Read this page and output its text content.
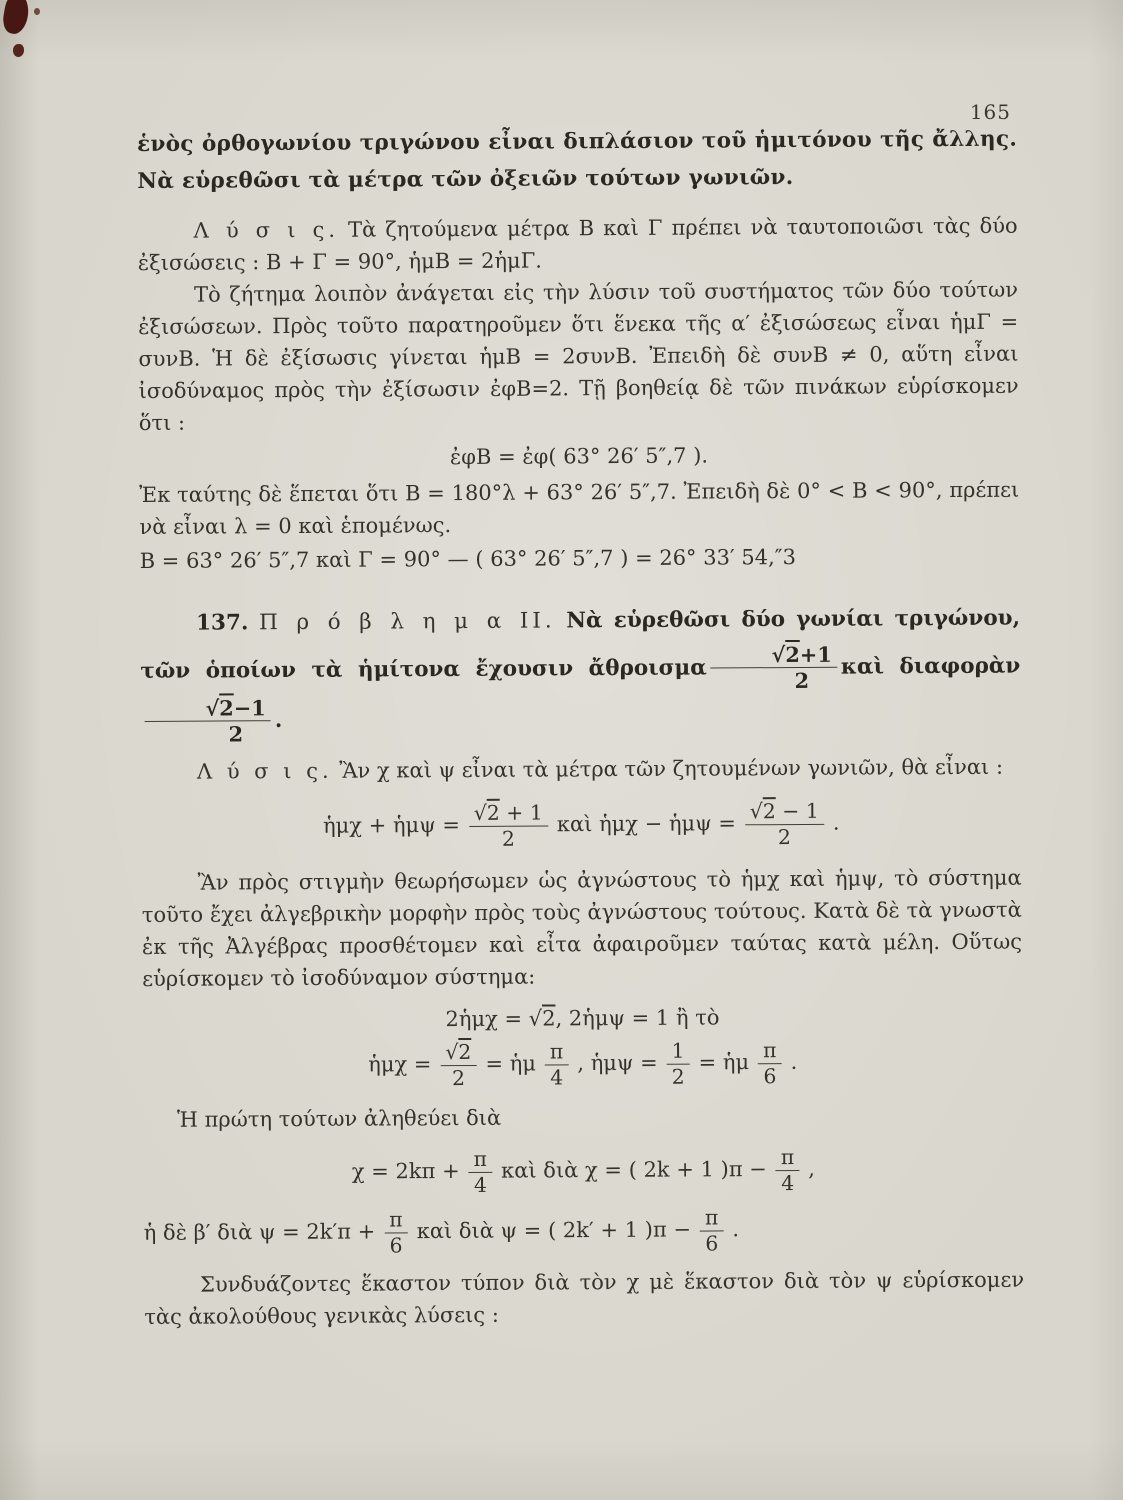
165

ἑνὸς ὀρθογωνίου τριγώνου εἶναι διπλάσιον τοῦ ἡμιτόνου τῆς ἄλλης. Νὰ εὑρεθῶσι τὰ μέτρα τῶν ὀξειῶν τούτων γωνιῶν.

Λ ύ σ ι ς. Τὰ ζητούμενα μέτρα Β καὶ Γ πρέπει νὰ ταυτοποιῶσι τὰς δύο ἐξισώσεις : Β + Γ = 90°, ἡμΒ = 2ἡμΓ.

Τὸ ζήτημα λοιπὸν ἀνάγεται εἰς τὴν λύσιν τοῦ συστήματος τῶν δύο τούτων ἐξισώσεων. Πρὸς τοῦτο παρατηροῦμεν ὅτι ἕνεκα τῆς α′ ἐξισώσεως εἶναι ἡμΓ = συνΒ. Ἡ δὲ ἐξίσωσις γίνεται ἡμΒ = 2συνΒ. Ἐπειδὴ δὲ συνΒ ≠ 0, αὕτη εἶναι ἰσοδύναμος πρὸς τὴν ἐξίσωσιν ἐφΒ=2. Τῇ βοηθείᾳ δὲ τῶν πινάκων εὑρίσκομεν ὅτι :

ἐφΒ = ἐφ( 63° 26′ 5″,7 ).

Ἐκ ταύτης δὲ ἕπεται ὅτι Β = 180°λ + 63° 26′ 5″,7. Ἐπειδὴ δὲ 0° < Β < 90°, πρέπει νὰ εἶναι λ = 0 καὶ ἑπομένως.

Β = 63° 26′ 5″,7 καὶ Γ = 90° — ( 63° 26′ 5″,7 ) = 26° 33′ 54,″3

137. Π ρ ό β λ η μ α II. Νὰ εὑρεθῶσι δύο γωνίαι τριγώνου, τῶν ὁποίων τὰ ἡμίτονα ἔχουσιν ἄθροισμα $\frac{√2+1}{2}$ καὶ διαφορὰν
$\frac{√2-1}{2}$ .

Λ ύ σ ι ς. Ἂν χ καὶ ψ εἶναι τὰ μέτρα τῶν ζητουμένων γωνιῶν, θὰ εἶναι :

ἡμχ + ἡμψ = $\frac{√2 + 1}{2}$ καὶ ἡμχ − ἡμψ = $\frac{√2 - 1}{2}$ .

Ἂν πρὸς στιγμὴν θεωρήσωμεν ὡς ἀγνώστους τὸ ἡμχ καὶ ἡμψ, τὸ σύστημα τοῦτο ἔχει ἀλγεβρικὴν μορφὴν πρὸς τοὺς ἀγνώστους τούτους. Κατὰ δὲ τὰ γνωστὰ ἐκ τῆς Ἀλγέβρας προσθέτομεν καὶ εἶτα ἀφαιροῦμεν ταύτας κατὰ μέλη. Οὕτως εὑρίσκομεν τὸ ἰσοδύναμον σύστημα:

2ἡμχ = √2, 2ἡμψ = 1 ἢ τὸ
ἡμχ = $\frac{√2}{2}$ = ἡμ $\frac{\pi}{4}$ , ἡμψ = $\frac{1}{2}$ = ἡμ $\frac{\pi}{6}$ .

Ἡ πρώτη τούτων ἀληθεύει διὰ

$\chi = 2k\pi + \frac{\pi}{4}$ καὶ διὰ χ = ( 2k + 1 )$\pi - \frac{\pi}{4}$ ,

ἡ δὲ β′ διὰ $\psi = 2k'\pi + \frac{\pi}{6}$ καὶ διὰ ψ = ( 2k′ + 1 )$\pi - \frac{\pi}{6}$ .

Συνδυάζοντες ἕκαστον τύπον διὰ τὸν χ μὲ ἕκαστον διὰ τὸν ψ εὑρίσκομεν τὰς ἀκολούθους γενικὰς λύσεις :
